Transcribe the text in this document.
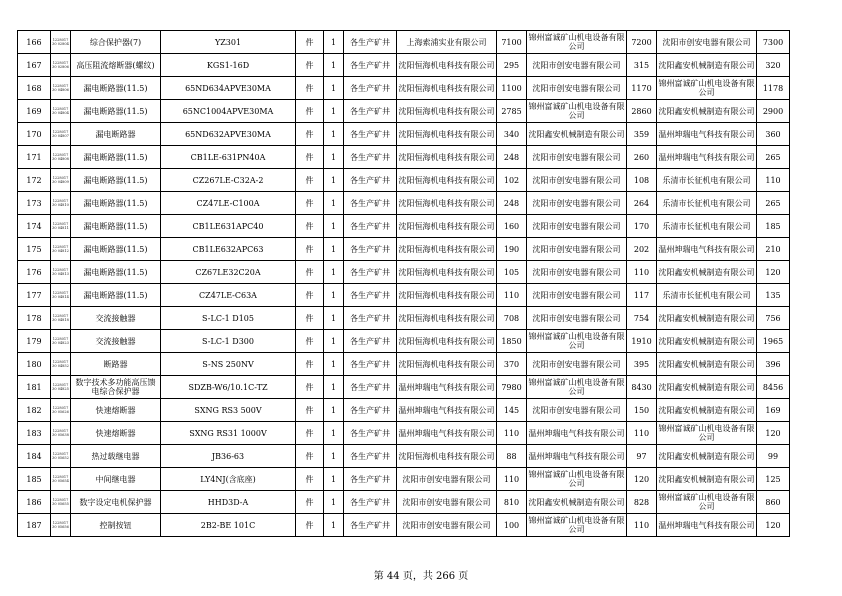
166	122801730 02804	综合保护器(7)	YZ301	件	1	各生产矿井	上海索浦实业有限公司	7100	锦州富诚矿山机电设备有限公司	7200	沈阳市创安电器有限公司	7300
167	122801730 02806	高压阻流熔断器(螺纹)	KGS1-16D	件	1	各生产矿井	沈阳恒海机电科技有限公司	295	沈阳市创安电器有限公司	315	沈阳鑫安机械制造有限公司	320
168	122801730 04806	漏电断路器(11.5)	65ND634APVE30MA	件	1	各生产矿井	沈阳恒海机电科技有限公司	1100	沈阳市创安电器有限公司	1170	锦州富诚矿山机电设备有限公司	1178
169	122801730 04804	漏电断路器(11.5)	65NC1004APVE30MA	件	1	各生产矿井	沈阳恒海机电科技有限公司	2785	锦州富诚矿山机电设备有限公司	2860	沈阳鑫安机械制造有限公司	2900
170	122801730 04807	漏电断路器	65ND632APVE30MA	件	1	各生产矿井	沈阳恒海机电科技有限公司	340	沈阳鑫安机械制造有限公司	359	温州坤瑞电气科技有限公司	360
171	122801730 04808	漏电断路器(11.5)	CB1LE-631PN40A	件	1	各生产矿井	沈阳恒海机电科技有限公司	248	沈阳市创安电器有限公司	260	温州坤瑞电气科技有限公司	265
172	122801730 04809	漏电断路器(11.5)	CZ267LE-C32A-2	件	1	各生产矿井	沈阳恒海机电科技有限公司	102	沈阳市创安电器有限公司	108	乐清市长征机电有限公司	110
173	122801730 04810	漏电断路器(11.5)	CZ47LE-C100A	件	1	各生产矿井	沈阳恒海机电科技有限公司	248	沈阳市创安电器有限公司	264	乐清市长征机电有限公司	265
174	122801730 04811	漏电断路器(11.5)	CB1LE631APC40	件	1	各生产矿井	沈阳恒海机电科技有限公司	160	沈阳市创安电器有限公司	170	乐清市长征机电有限公司	185
175	122801730 04812	漏电断路器(11.5)	CB1LE632APC63	件	1	各生产矿井	沈阳恒海机电科技有限公司	190	沈阳市创安电器有限公司	202	温州坤瑞电气科技有限公司	210
176	122801730 04813	漏电断路器(11.5)	CZ67LE32C20A	件	1	各生产矿井	沈阳恒海机电科技有限公司	105	沈阳市创安电器有限公司	110	沈阳鑫安机械制造有限公司	120
177	122801730 04814	漏电断路器(11.5)	CZ47LE-C63A	件	1	各生产矿井	沈阳恒海机电科技有限公司	110	沈阳市创安电器有限公司	117	乐清市长征机电有限公司	135
178	122801730 04818	交流接触器	S-LC-1 D105	件	1	各生产矿井	沈阳恒海机电科技有限公司	708	沈阳市创安电器有限公司	754	沈阳鑫安机械制造有限公司	756
179	122801730 04823	交流接触器	S-LC-1 D300	件	1	各生产矿井	沈阳恒海机电科技有限公司	1850	锦州富诚矿山机电设备有限公司	1910	沈阳鑫安机械制造有限公司	1965
180	122801730 04852	断路器	S-NS 250NV	件	1	各生产矿井	沈阳恒海机电科技有限公司	370	沈阳市创安电器有限公司	395	沈阳鑫安机械制造有限公司	396
181	122801730 04825	数字技术多功能高压馈电综合保护器	SDZB-W6/10.1C-TZ	件	1	各生产矿井	温州坤瑞电气科技有限公司	7980	锦州富诚矿山机电设备有限公司	8430	沈阳鑫安机械制造有限公司	8456
182	122801730 05626	快速熔断器	SXNG RS3 500V	件	1	各生产矿井	温州坤瑞电气科技有限公司	145	沈阳市创安电器有限公司	150	沈阳鑫安机械制造有限公司	169
183	122801730 05638	快速熔断器	SXNG RS31 1000V	件	1	各生产矿井	温州坤瑞电气科技有限公司	110	温州坤瑞电气科技有限公司	110	锦州富诚矿山机电设备有限公司	120
184	122801730 05652	热过载继电器	JB36-63	件	1	各生产矿井	沈阳恒海机电科技有限公司	88	温州坤瑞电气科技有限公司	97	沈阳鑫安机械制造有限公司	99
185	122801730 05654	中间继电器	LY4NJ(含底座)	件	1	各生产矿井	沈阳市创安电器有限公司	110	锦州富诚矿山机电设备有限公司	120	沈阳鑫安机械制造有限公司	125
186	122801730 05655	数字设定电机保护器	HHD3D-A	件	1	各生产矿井	沈阳市创安电器有限公司	810	沈阳鑫安机械制造有限公司	828	锦州富诚矿山机电设备有限公司	860
187	122801730 05656	控制按钮	2B2-BE 101C	件	1	各生产矿井	沈阳市创安电器有限公司	100	锦州富诚矿山机电设备有限公司	110	温州坤瑞电气科技有限公司	120
第 44 页，共 266 页
